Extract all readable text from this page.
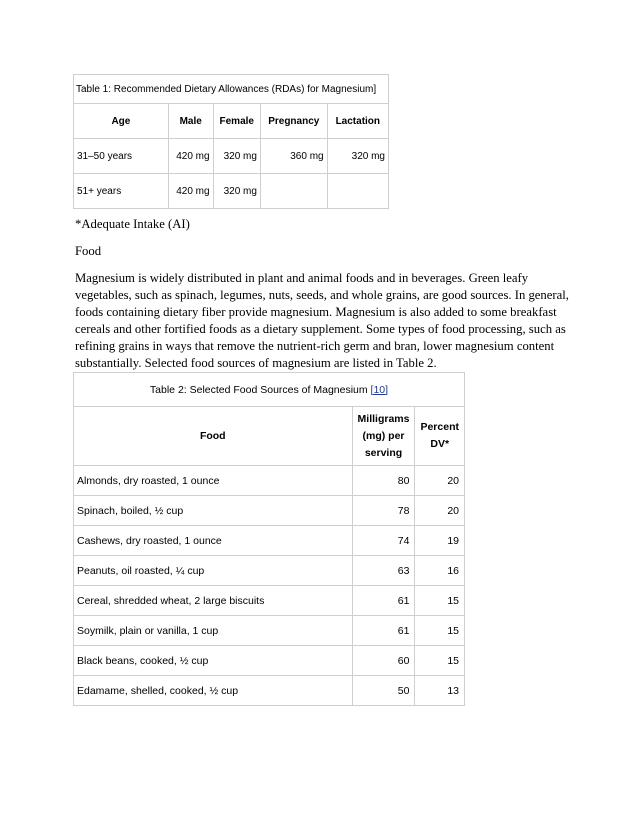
Table 1: Recommended Dietary Allowances (RDAs) for Magnesium]				
Age	Male	Female	Pregnancy	Lactation
31–50 years	420 mg	320 mg	360 mg	320 mg
51+ years	420 mg	320 mg		

*Adequate Intake (AI)

Food

Magnesium is widely distributed in plant and animal foods and in beverages. Green leafy vegetables, such as spinach, legumes, nuts, seeds, and whole grains, are good sources. In general, foods containing dietary fiber provide magnesium. Magnesium is also added to some breakfast cereals and other fortified foods as a dietary supplement. Some types of food processing, such as refining grains in ways that remove the nutrient-rich germ and bran, lower magnesium content substantially. Selected food sources of magnesium are listed in Table 2.

Table 2: Selected Food Sources of Magnesium [10]		
Food	Milligrams
(mg) per
serving	Percent
DV*
Almonds, dry roasted, 1 ounce	80	20
Spinach, boiled, ½ cup	78	20
Cashews, dry roasted, 1 ounce	74	19
Peanuts, oil roasted, ¼ cup	63	16
Cereal, shredded wheat, 2 large biscuits	61	15
Soymilk, plain or vanilla, 1 cup	61	15
Black beans, cooked, ½ cup	60	15
Edamame, shelled, cooked, ½ cup	50	13
